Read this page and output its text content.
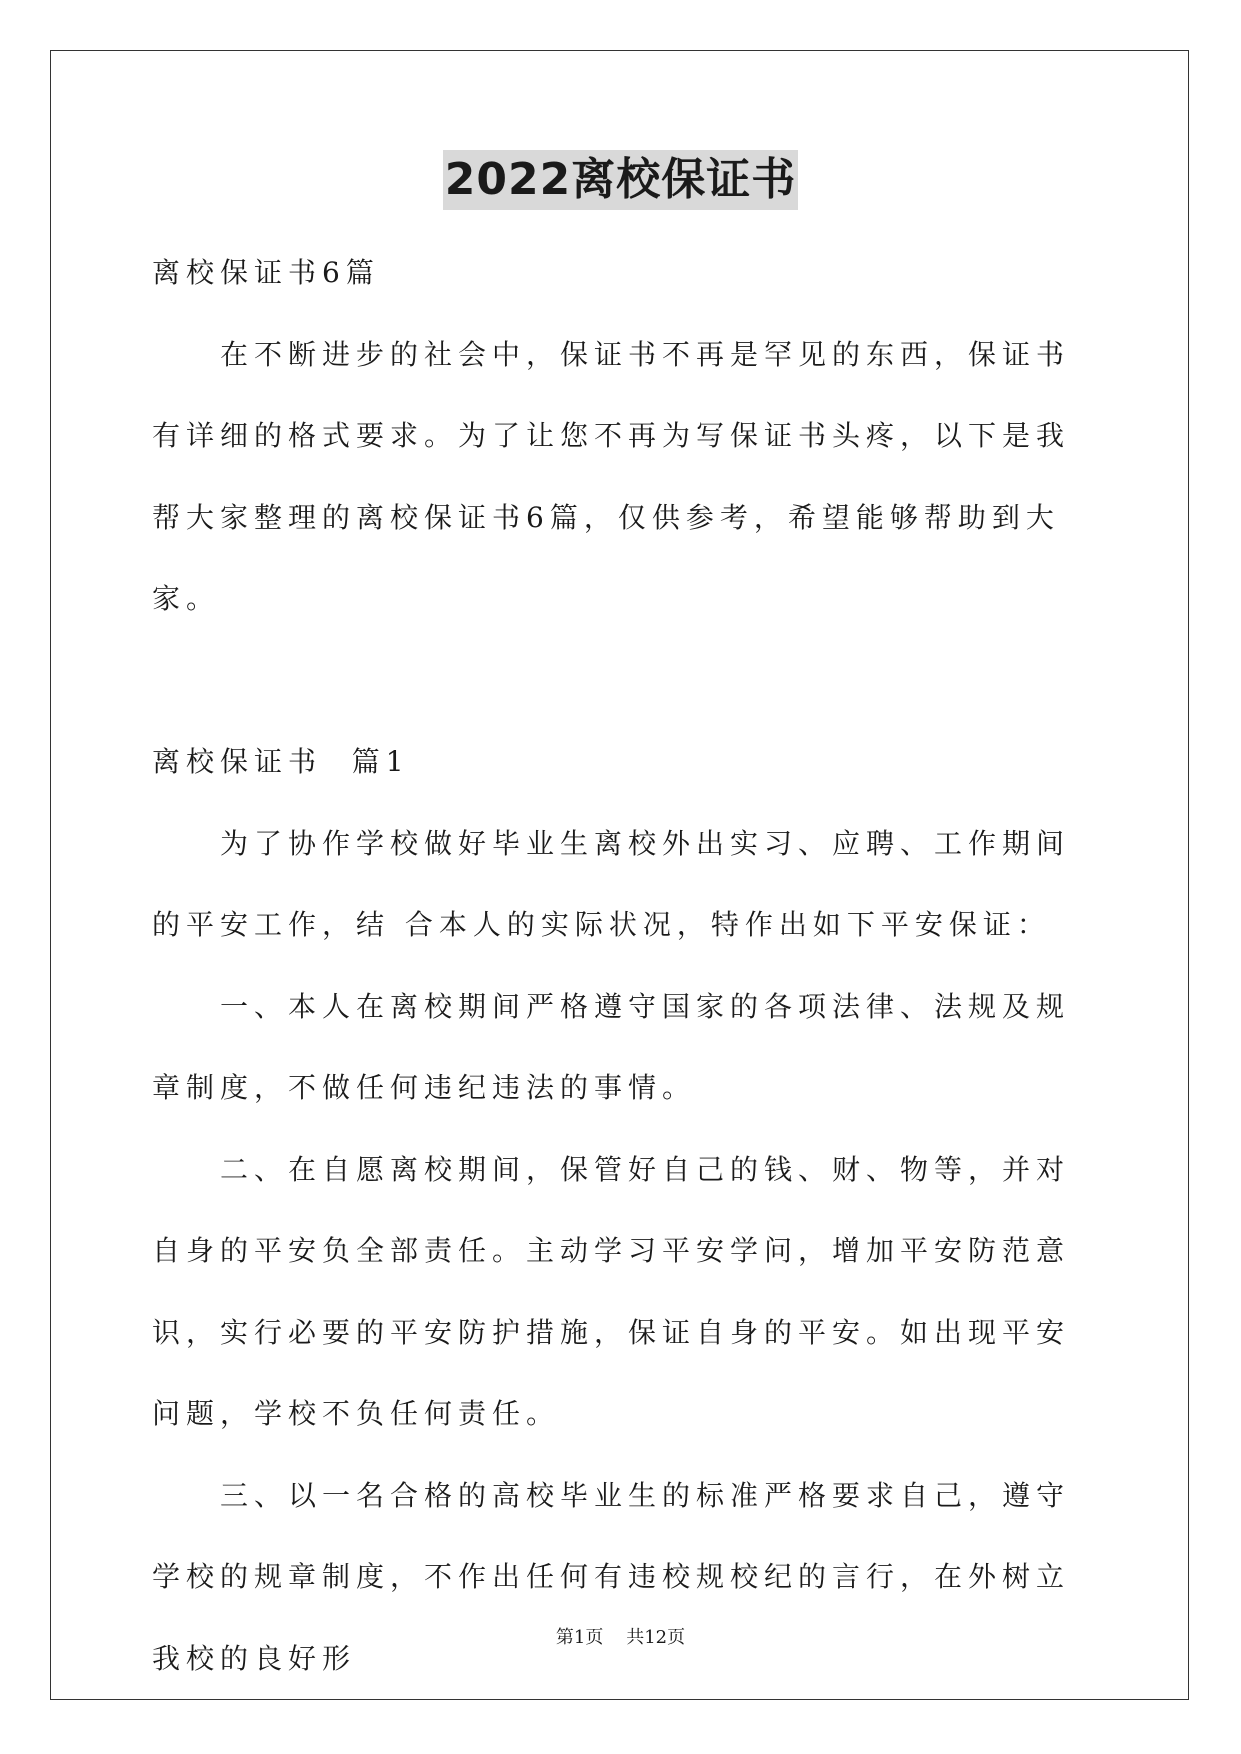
2022离校保证书

离校保证书6篇

在不断进步的社会中，保证书不再是罕见的东西，保证书有详细的格式要求。为了让您不再为写保证书头疼，以下是我帮大家整理的离校保证书6篇，仅供参考，希望能够帮助到大家。

离校保证书  篇1

为了协作学校做好毕业生离校外出实习、应聘、工作期间的平安工作，结 合本人的实际状况，特作出如下平安保证：

一、本人在离校期间严格遵守国家的各项法律、法规及规章制度，不做任何违纪违法的事情。

二、在自愿离校期间，保管好自己的钱、财、物等，并对自身的平安负全部责任。主动学习平安学问，增加平安防范意识，实行必要的平安防护措施，保证自身的平安。如出现平安问题，学校不负任何责任。

三、以一名合格的高校毕业生的标准严格要求自己，遵守学校的规章制度，不作出任何有违校规校纪的言行，在外树立我校的良好形

第1页 共12页
